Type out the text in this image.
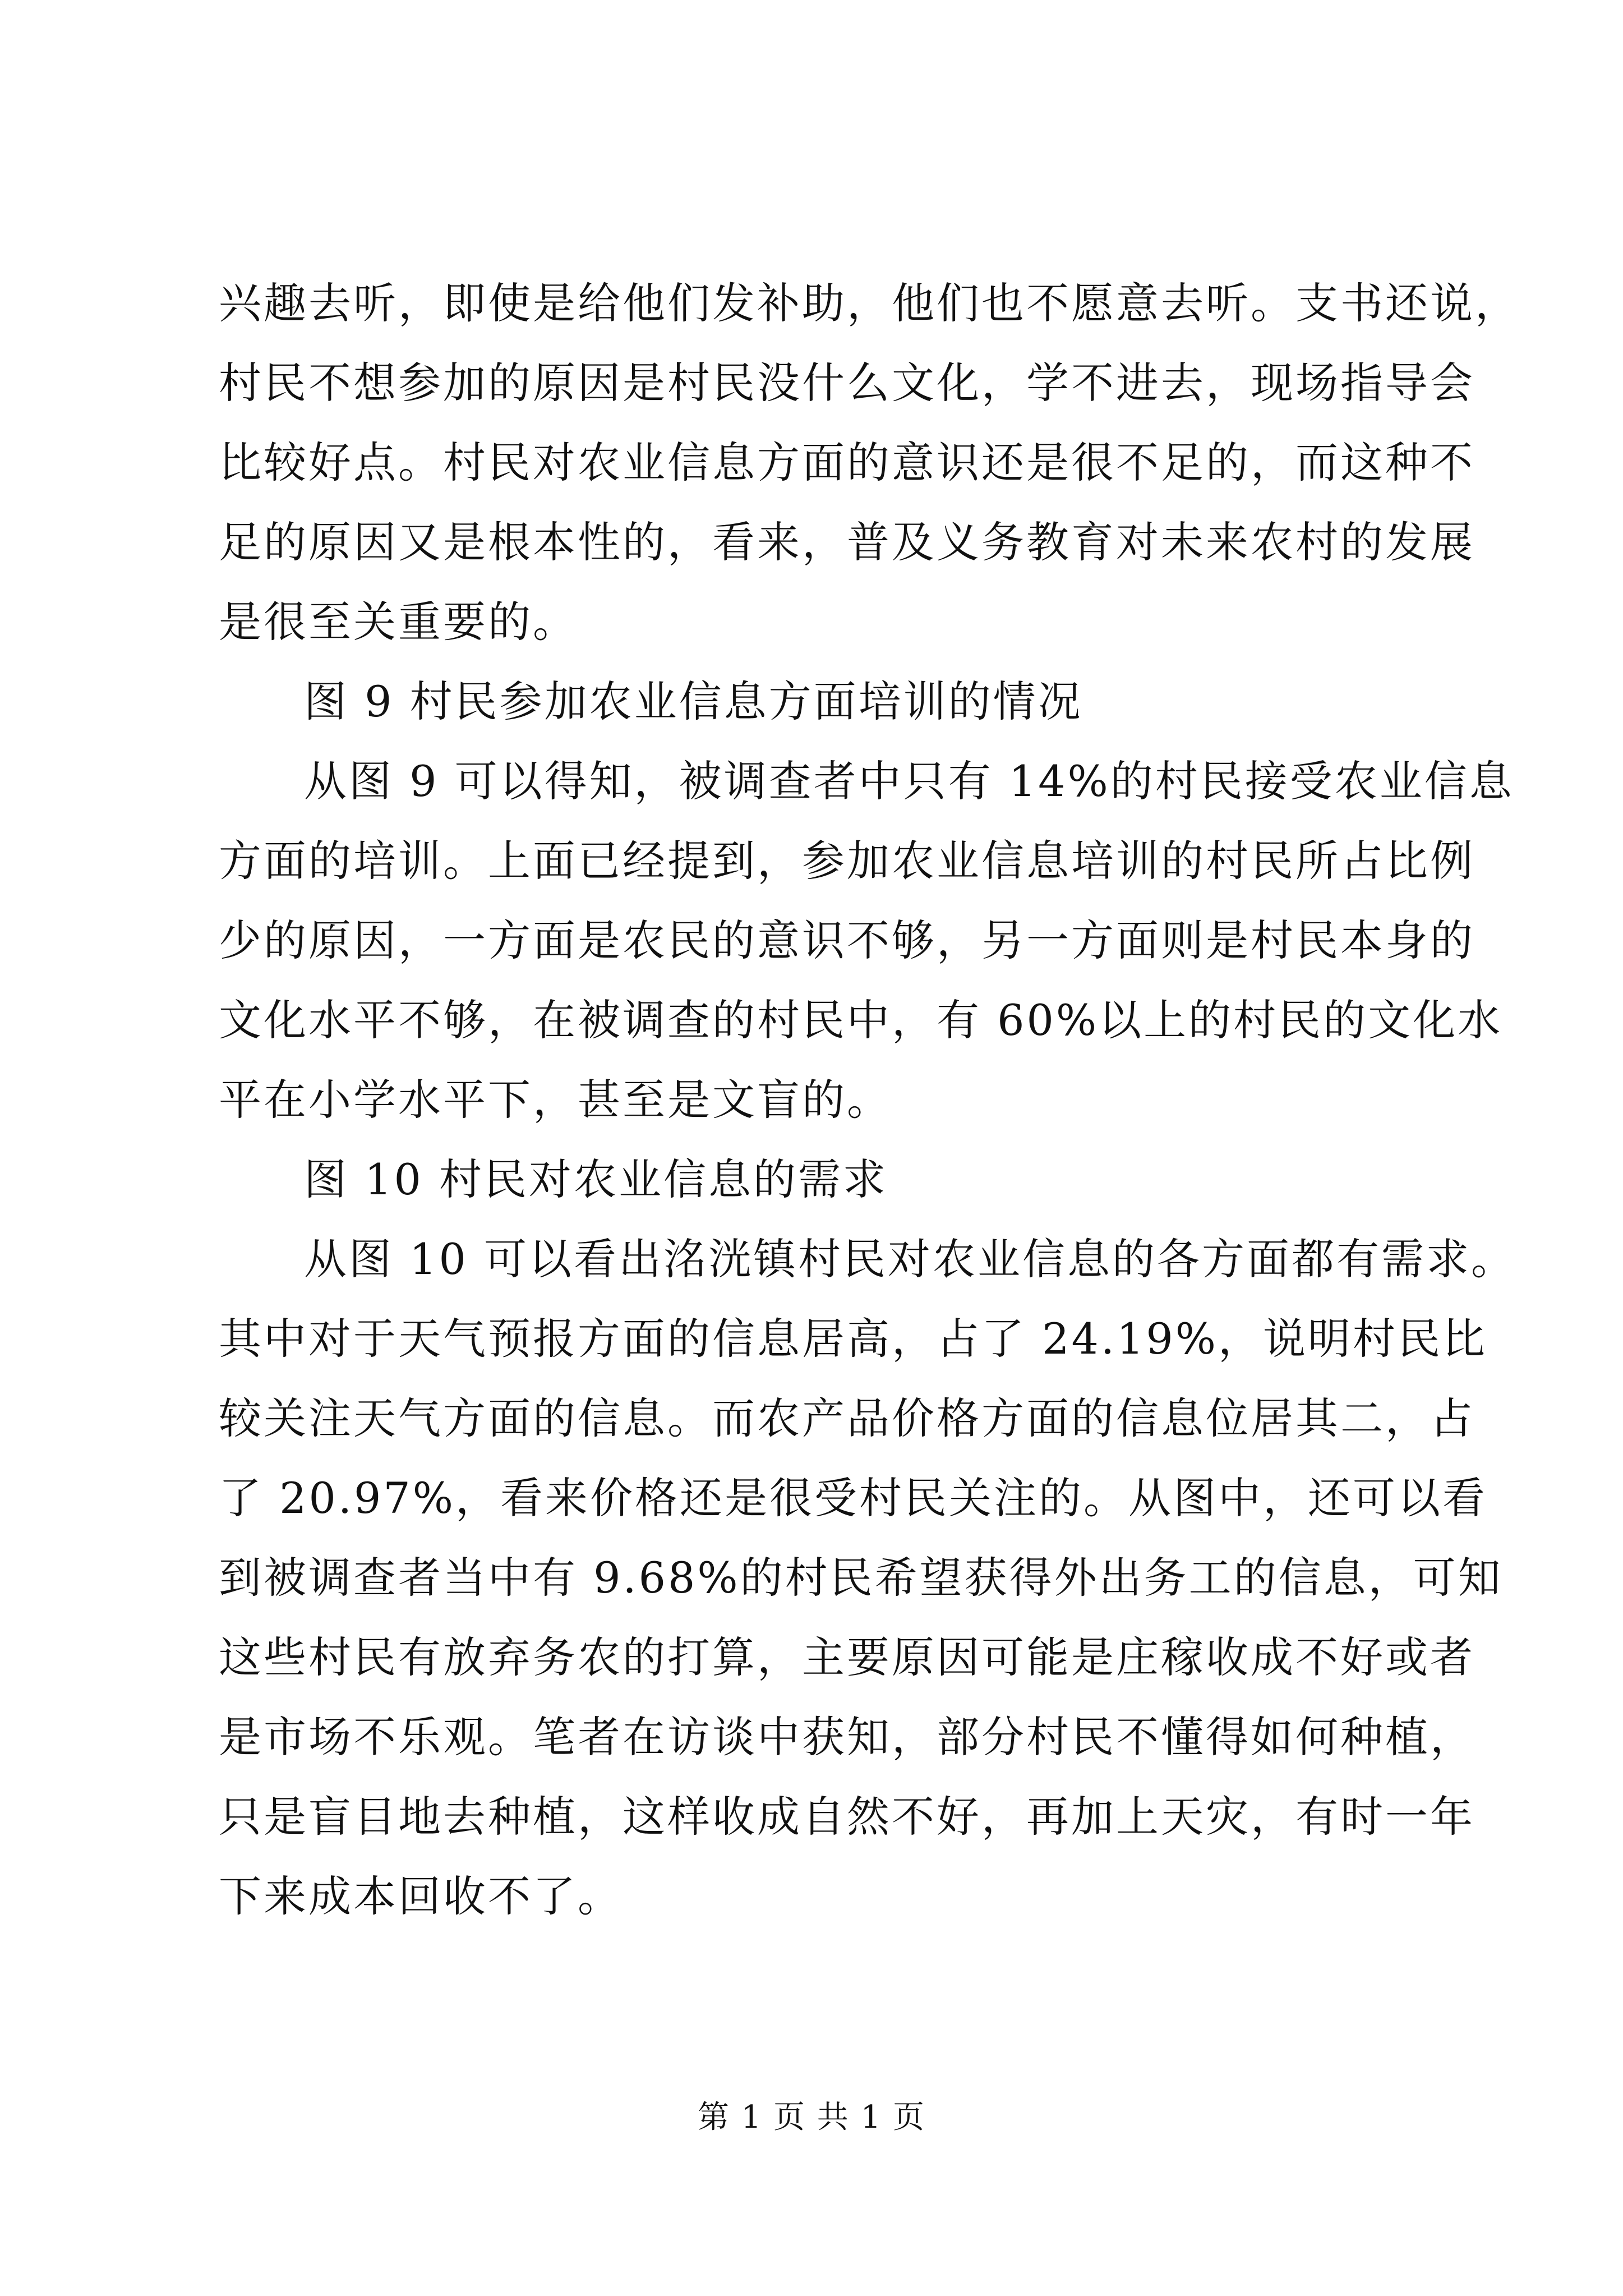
兴趣去听，即使是给他们发补助，他们也不愿意去听。支书还说，
村民不想参加的原因是村民没什么文化，学不进去，现场指导会
比较好点。村民对农业信息方面的意识还是很不足的，而这种不
足的原因又是根本性的，看来，普及义务教育对未来农村的发展
是很至关重要的。
图 9 村民参加农业信息方面培训的情况
从图 9 可以得知，被调查者中只有 14%的村民接受农业信息
方面的培训。上面已经提到，参加农业信息培训的村民所占比例
少的原因，一方面是农民的意识不够，另一方面则是村民本身的
文化水平不够，在被调查的村民中，有 60%以上的村民的文化水
平在小学水平下，甚至是文盲的。
图 10 村民对农业信息的需求
从图 10 可以看出洺洸镇村民对农业信息的各方面都有需求。
其中对于天气预报方面的信息居高，占了 24.19%，说明村民比
较关注天气方面的信息。而农产品价格方面的信息位居其二，占
了 20.97%，看来价格还是很受村民关注的。从图中，还可以看
到被调查者当中有 9.68%的村民希望获得外出务工的信息，可知
这些村民有放弃务农的打算，主要原因可能是庄稼收成不好或者
是市场不乐观。笔者在访谈中获知，部分村民不懂得如何种植，
只是盲目地去种植，这样收成自然不好，再加上天灾，有时一年
下来成本回收不了。
第 1 页 共 1 页
